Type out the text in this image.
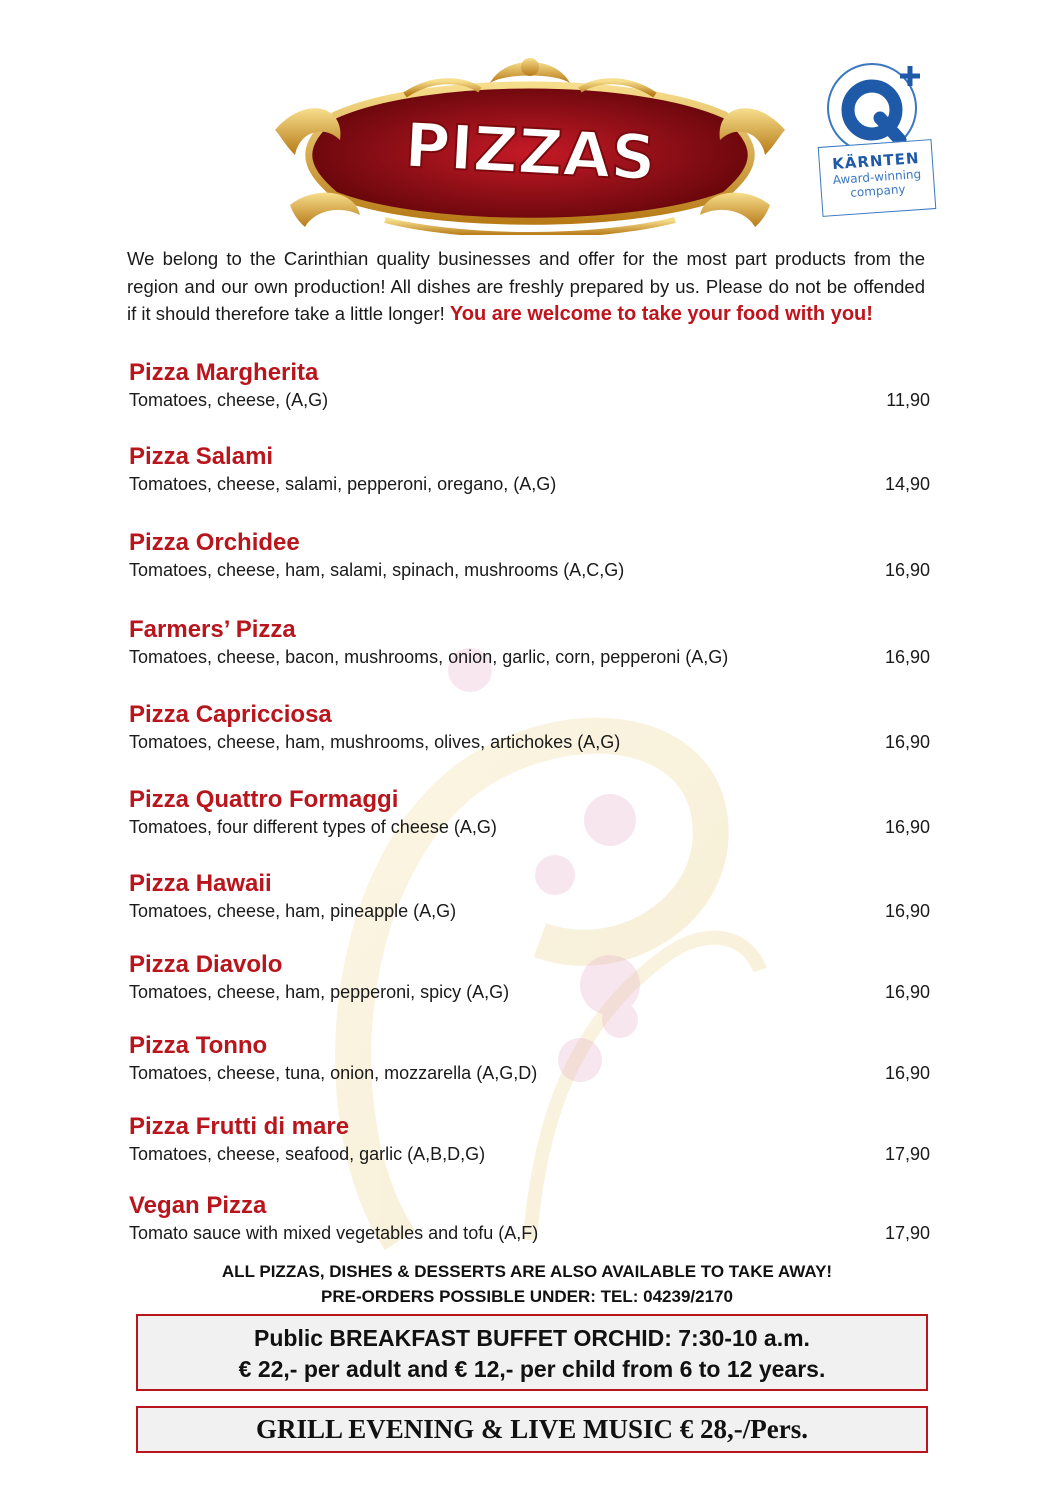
PIZZAS	KÄRNTEN
Award-winning
company
We belong to the Carinthian quality businesses and offer for the most part products from the region and our own production! All dishes are freshly prepared by us. Please do not be offended if it should therefore take a little longer! You are welcome to take your food with you!
Pizza Margherita
Tomatoes, cheese, (A,G)	11,90
Pizza Salami
Tomatoes, cheese, salami, pepperoni, oregano, (A,G)	14,90
Pizza Orchidee
Tomatoes, cheese, ham, salami, spinach, mushrooms (A,C,G)	16,90
Farmers’ Pizza
Tomatoes, cheese, bacon, mushrooms, onion, garlic, corn, pepperoni (A,G)	16,90
Pizza Capricciosa
Tomatoes, cheese, ham, mushrooms, olives, artichokes (A,G)	16,90
Pizza Quattro Formaggi
Tomatoes, four different types of cheese (A,G)	16,90
Pizza Hawaii
Tomatoes, cheese, ham, pineapple (A,G)	16,90
Pizza Diavolo
Tomatoes, cheese, ham, pepperoni, spicy (A,G)	16,90
Pizza Tonno
Tomatoes, cheese, tuna, onion, mozzarella (A,G,D)	16,90
Pizza Frutti di mare
Tomatoes, cheese, seafood, garlic (A,B,D,G)	17,90
Vegan Pizza
Tomato sauce with mixed vegetables and tofu (A,F)	17,90
ALL PIZZAS, DISHES & DESSERTS ARE ALSO AVAILABLE TO TAKE AWAY!
PRE-ORDERS POSSIBLE UNDER: TEL: 04239/2170
Public BREAKFAST BUFFET ORCHID: 7:30-10 a.m.
€ 22,- per adult and € 12,- per child from 6 to 12 years.
GRILL EVENING & LIVE MUSIC € 28,-/Pers.
